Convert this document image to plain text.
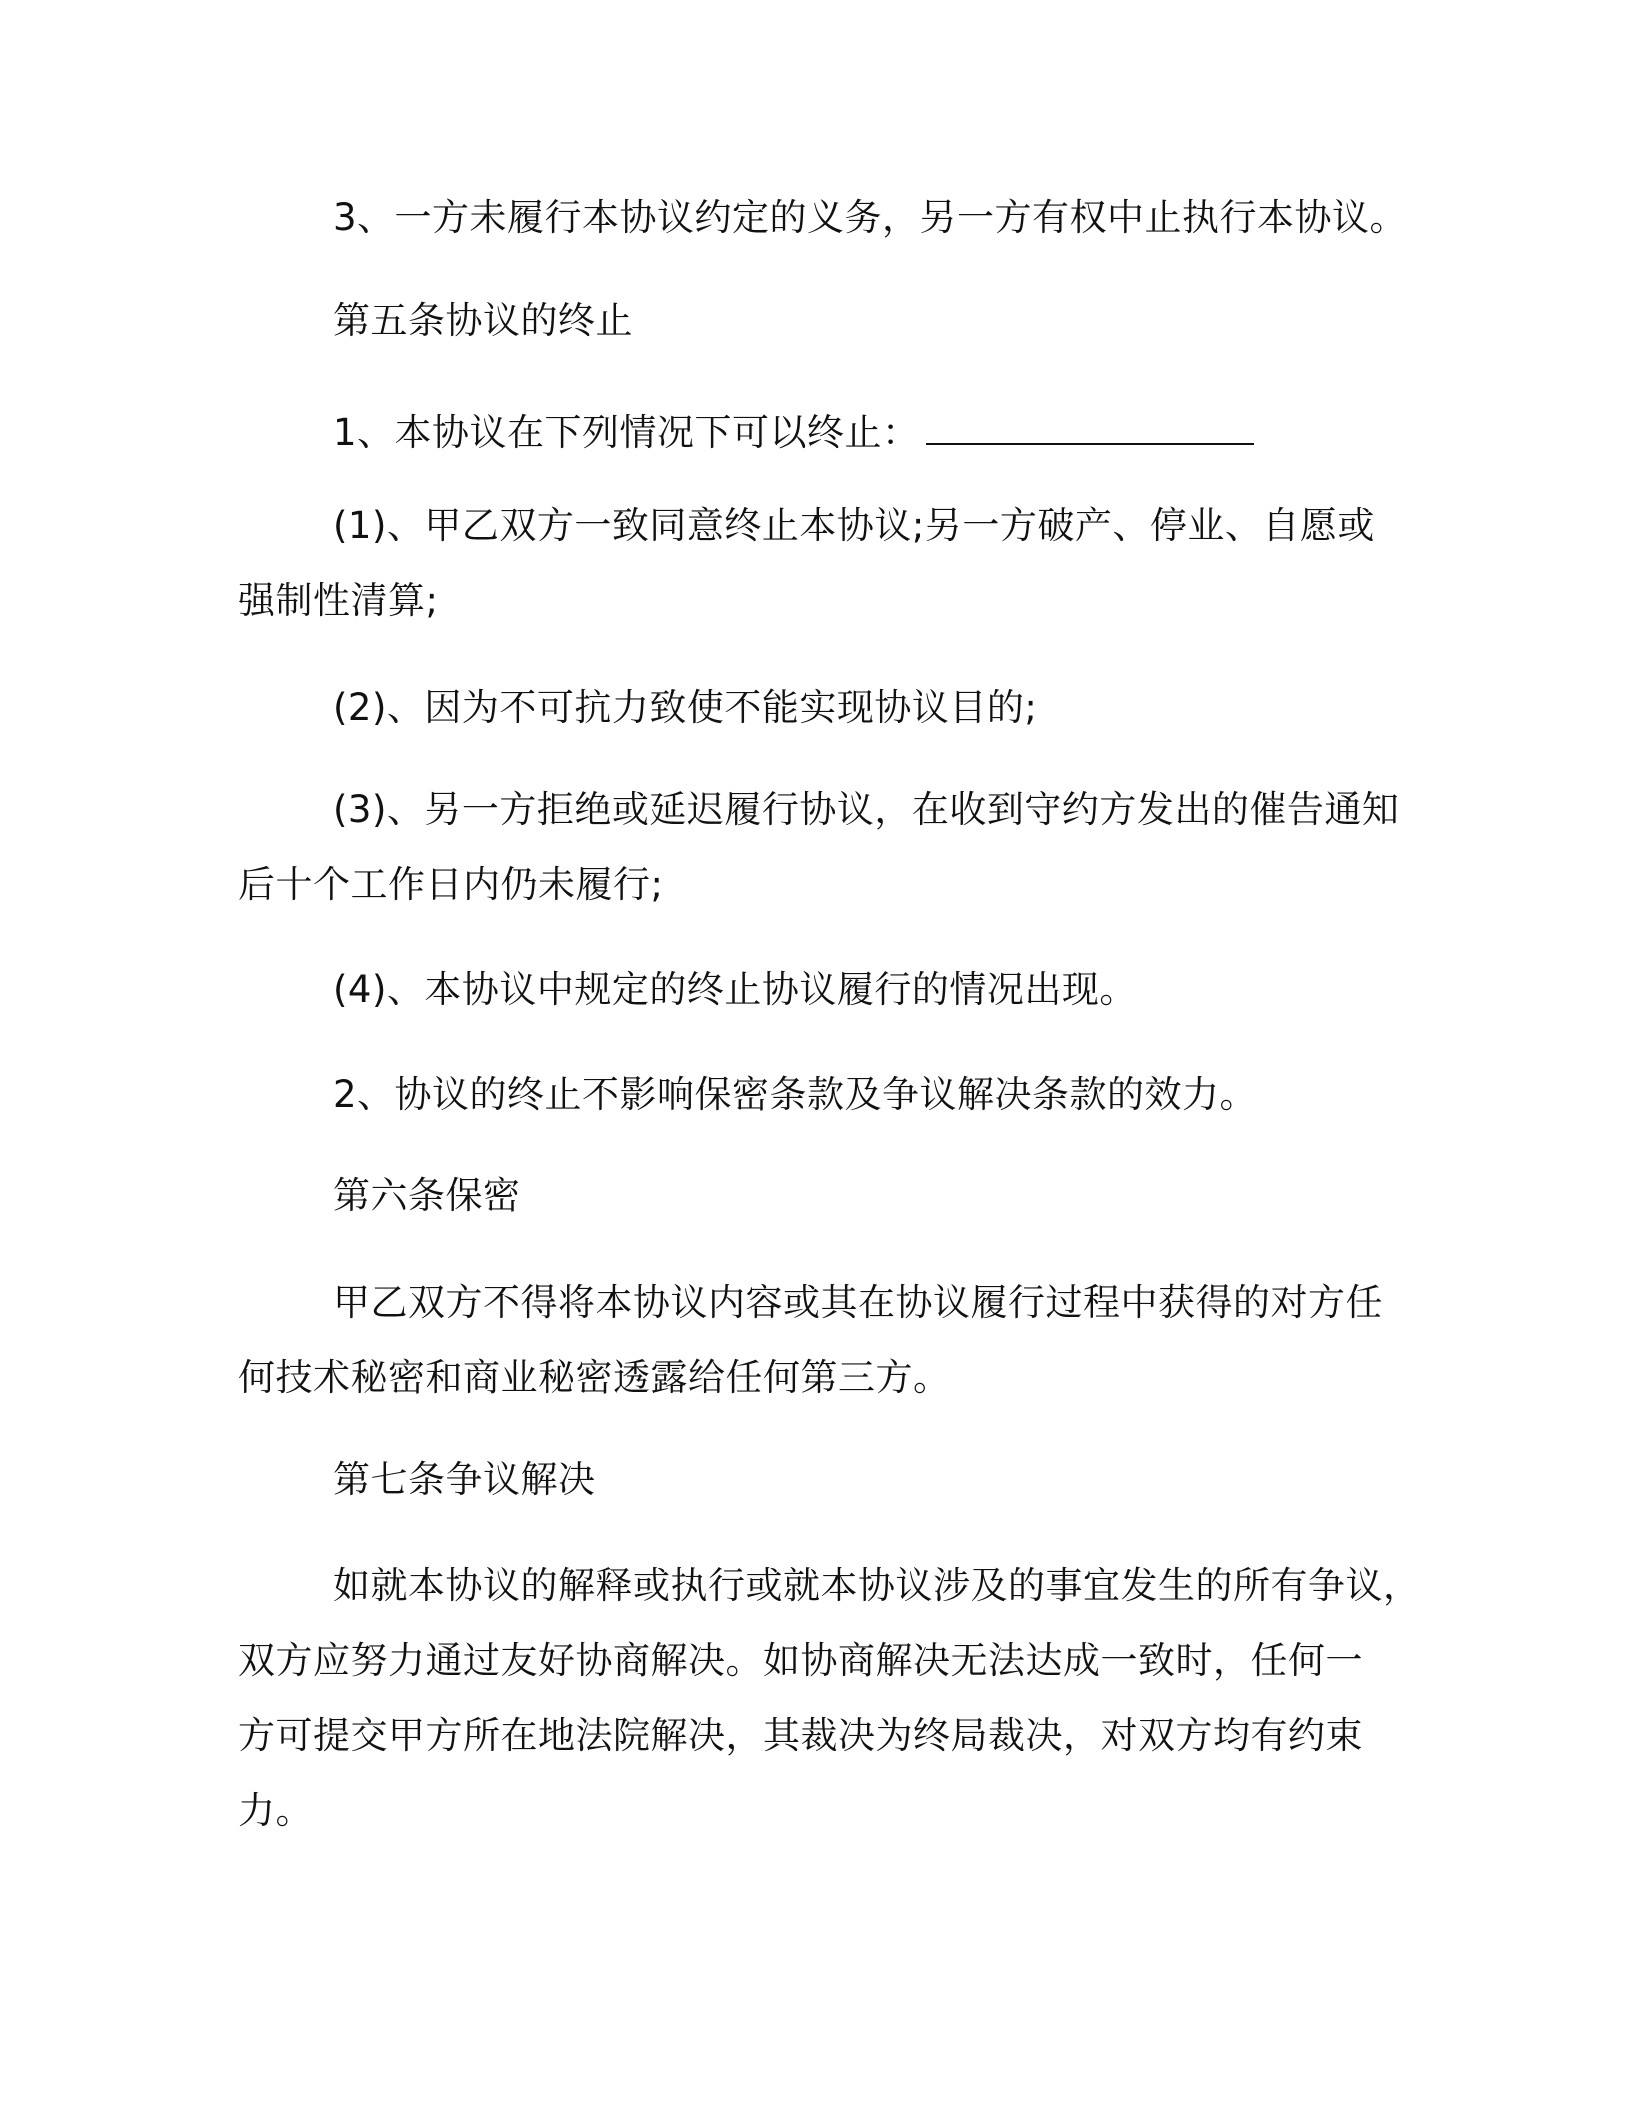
3、一方未履行本协议约定的义务，另一方有权中止执行本协议。
第五条协议的终止
1、本协议在下列情况下可以终止：
(1)、甲乙双方一致同意终止本协议;另一方破产、停业、自愿或
强制性清算;
(2)、因为不可抗力致使不能实现协议目的;
(3)、另一方拒绝或延迟履行协议，在收到守约方发出的催告通知
后十个工作日内仍未履行;
(4)、本协议中规定的终止协议履行的情况出现。
2、协议的终止不影响保密条款及争议解决条款的效力。
第六条保密
甲乙双方不得将本协议内容或其在协议履行过程中获得的对方任
何技术秘密和商业秘密透露给任何第三方。
第七条争议解决
如就本协议的解释或执行或就本协议涉及的事宜发生的所有争议，
双方应努力通过友好协商解决。如协商解决无法达成一致时，任何一
方可提交甲方所在地法院解决，其裁决为终局裁决，对双方均有约束
力。
